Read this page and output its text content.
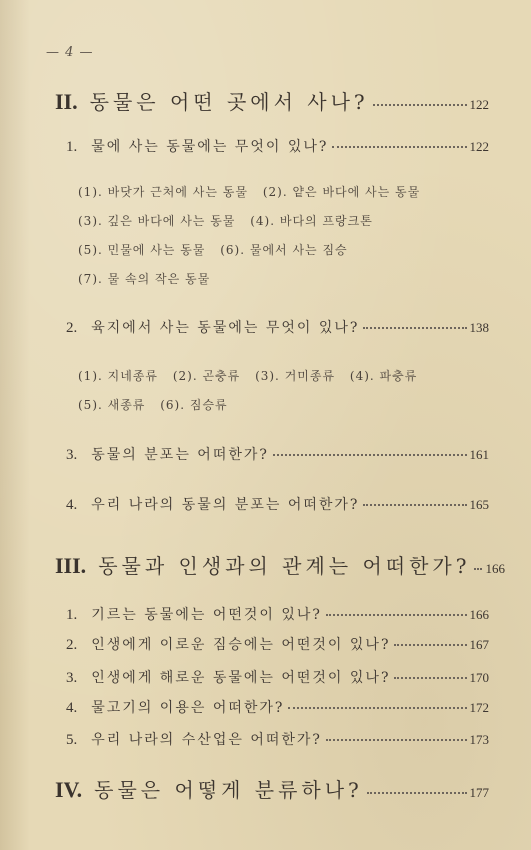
— 4 —
II. 동물은 어떤 곳에서 사나?	122
1. 물에 사는 동물에는 무엇이 있나?	122
(1). 바닷가 근처에 사는 동물 (2). 얕은 바다에 사는 동물
(3). 깊은 바다에 사는 동물 (4). 바다의 프랑크톤
(5). 민물에 사는 동물 (6). 물에서 사는 짐승
(7). 물 속의 작은 동물
2. 육지에서 사는 동물에는 무엇이 있나?	138
(1). 지네종류 (2). 곤충류 (3). 거미종류 (4). 파충류
(5). 새종류 (6). 짐승류
3. 동물의 분포는 어떠한가?	161
4. 우리 나라의 동물의 분포는 어떠한가?	165
III. 동물과 인생과의 관계는 어떠한가? 166
1. 기르는 동물에는 어떤것이 있나?	166
2. 인생에게 이로운 짐승에는 어떤것이 있나?	167
3. 인생에게 해로운 동물에는 어떤것이 있나?	170
4. 물고기의 이용은 어떠한가?	172
5. 우리 나라의 수산업은 어떠한가?	173
IV. 동물은 어떻게 분류하나?	177
